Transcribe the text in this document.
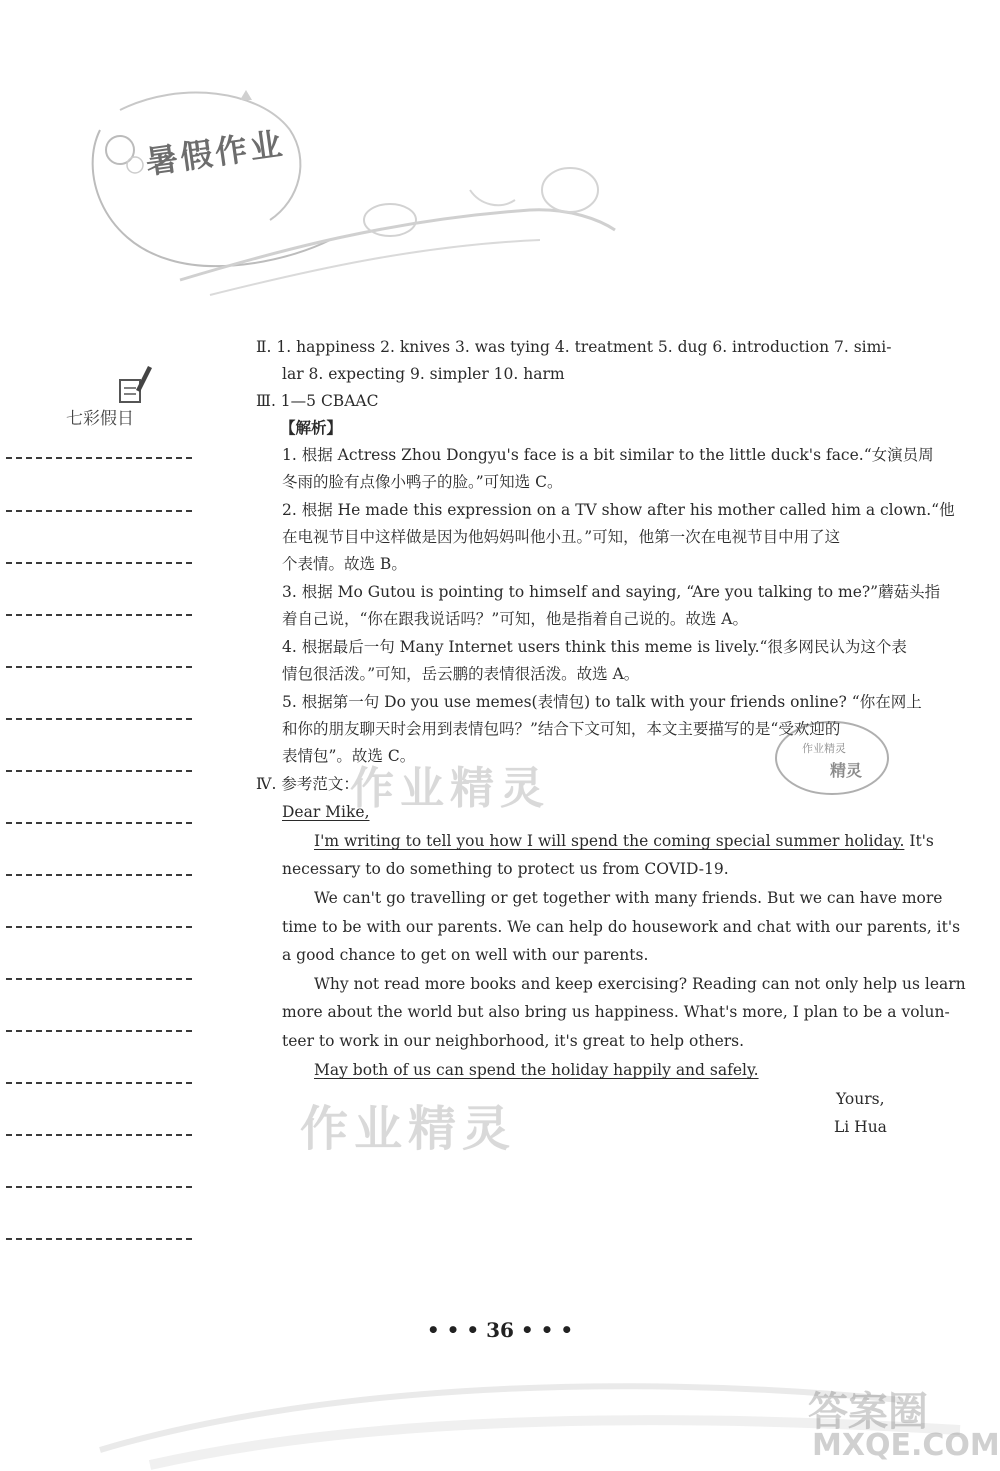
暑假作业
七彩假日
Ⅱ. 1. happiness 2. knives 3. was tying 4. treatment 5. dug 6. introduction 7. simi-
lar 8. expecting 9. simpler 10. harm
Ⅲ. 1—5 CBAAC
【解析】
1. 根据 Actress Zhou Dongyu's face is a bit similar to the little duck's face.“女演员周
冬雨的脸有点像小鸭子的脸。”可知选 C。
2. 根据 He made this expression on a TV show after his mother called him a clown.“他
在电视节目中这样做是因为他妈妈叫他小丑。”可知，他第一次在电视节目中用了这
个表情。故选 B。
3. 根据 Mo Gutou is pointing to himself and saying, “Are you talking to me?”蘑菇头指
着自己说，“你在跟我说话吗？”可知，他是指着自己说的。故选 A。
4. 根据最后一句 Many Internet users think this meme is lively.“很多网民认为这个表
情包很活泼。”可知，岳云鹏的表情很活泼。故选 A。
5. 根据第一句 Do you use memes(表情包) to talk with your friends online? “你在网上
和你的朋友聊天时会用到表情包吗？”结合下文可知，本文主要描写的是“受欢迎的
表情包”。故选 C。
Ⅳ. 参考范文：
Dear Mike,
I'm writing to tell you how I will spend the coming special summer holiday. It's
necessary to do something to protect us from COVID-19.
We can't go travelling or get together with many friends. But we can have more
time to be with our parents. We can help do housework and chat with our parents, it's
a good chance to get on well with our parents.
Why not read more books and keep exercising? Reading can not only help us learn
more about the world but also bring us happiness. What's more, I plan to be a volun-
teer to work in our neighborhood, it's great to help others.
May both of us can spend the holiday happily and safely.
Yours,
Li Hua
作业精灵
精灵
作业精灵
作业精灵
• • • 36 • • •
答案圈
MXQE.COM
